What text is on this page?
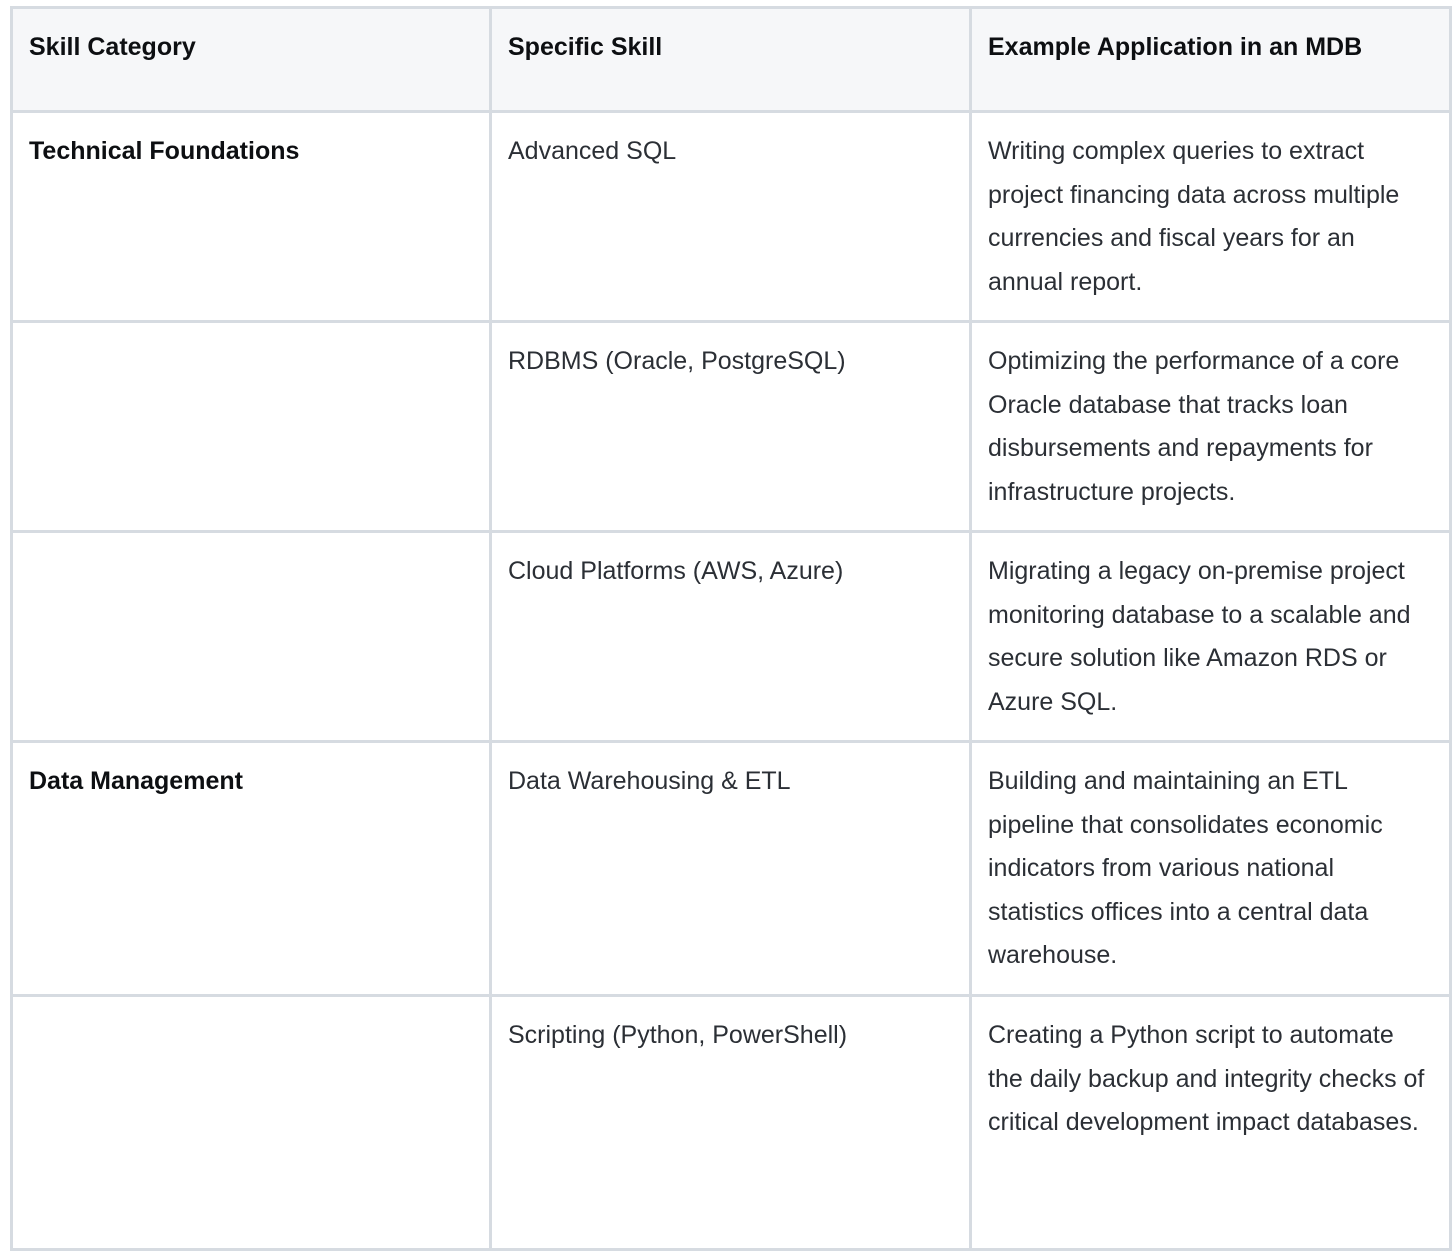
Skill Category	Specific Skill	Example Application in an MDB
Technical Foundations	Advanced SQL	Writing complex queries to extract project financing data across multiple currencies and fiscal years for an annual report.
	RDBMS (Oracle, PostgreSQL)	Optimizing the performance of a core Oracle database that tracks loan disbursements and repayments for infrastructure projects.
	Cloud Platforms (AWS, Azure)	Migrating a legacy on-premise project monitoring database to a scalable and secure solution like Amazon RDS or Azure SQL.
Data Management	Data Warehousing & ETL	Building and maintaining an ETL pipeline that consolidates economic indicators from various national statistics offices into a central data warehouse.
	Scripting (Python, PowerShell)	Creating a Python script to automate the daily backup and integrity checks of critical development impact databases.
